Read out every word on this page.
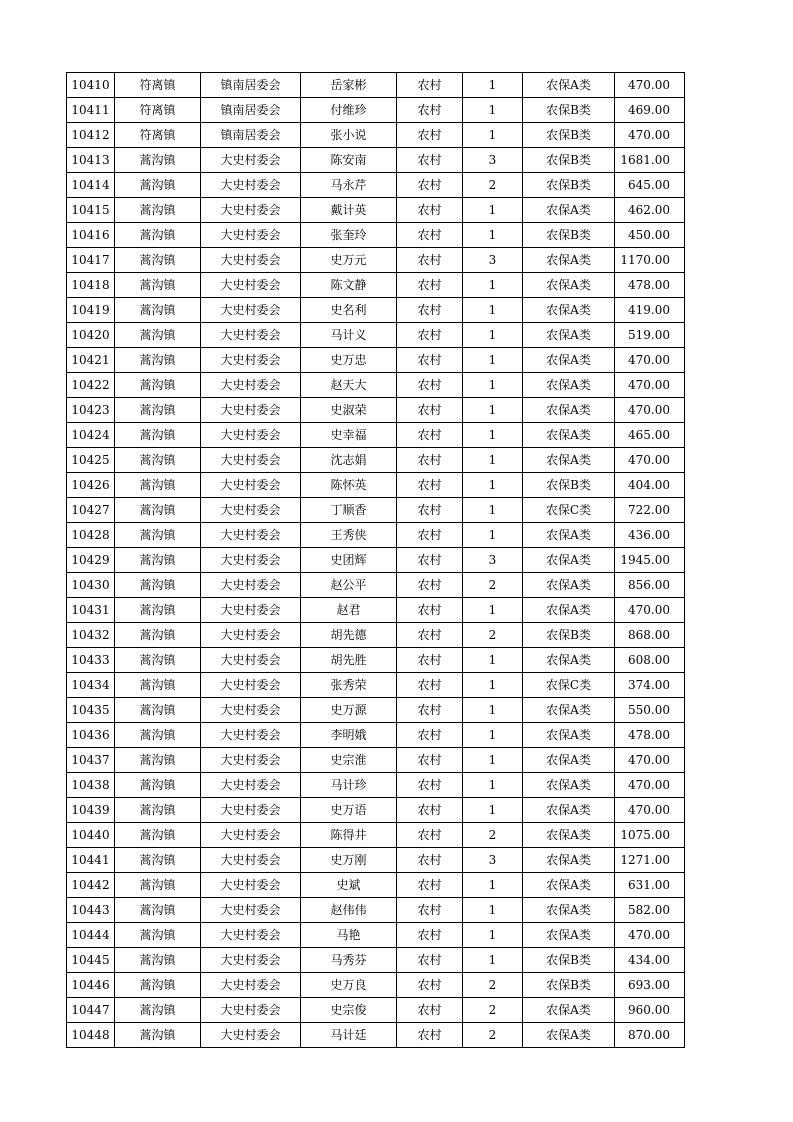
10410	符离镇	镇南居委会	岳家彬	农村	1	农保A类	470.00
10411	符离镇	镇南居委会	付维珍	农村	1	农保B类	469.00
10412	符离镇	镇南居委会	张小说	农村	1	农保B类	470.00
10413	蒿沟镇	大史村委会	陈安南	农村	3	农保B类	1681.00
10414	蒿沟镇	大史村委会	马永芹	农村	2	农保B类	645.00
10415	蒿沟镇	大史村委会	戴计英	农村	1	农保A类	462.00
10416	蒿沟镇	大史村委会	张奎玲	农村	1	农保B类	450.00
10417	蒿沟镇	大史村委会	史万元	农村	3	农保A类	1170.00
10418	蒿沟镇	大史村委会	陈文静	农村	1	农保A类	478.00
10419	蒿沟镇	大史村委会	史名利	农村	1	农保A类	419.00
10420	蒿沟镇	大史村委会	马计义	农村	1	农保A类	519.00
10421	蒿沟镇	大史村委会	史万忠	农村	1	农保A类	470.00
10422	蒿沟镇	大史村委会	赵天大	农村	1	农保A类	470.00
10423	蒿沟镇	大史村委会	史淑荣	农村	1	农保A类	470.00
10424	蒿沟镇	大史村委会	史幸福	农村	1	农保A类	465.00
10425	蒿沟镇	大史村委会	沈志娟	农村	1	农保A类	470.00
10426	蒿沟镇	大史村委会	陈怀英	农村	1	农保B类	404.00
10427	蒿沟镇	大史村委会	丁顺香	农村	1	农保C类	722.00
10428	蒿沟镇	大史村委会	王秀侠	农村	1	农保A类	436.00
10429	蒿沟镇	大史村委会	史团辉	农村	3	农保A类	1945.00
10430	蒿沟镇	大史村委会	赵公平	农村	2	农保A类	856.00
10431	蒿沟镇	大史村委会	赵君	农村	1	农保A类	470.00
10432	蒿沟镇	大史村委会	胡先德	农村	2	农保B类	868.00
10433	蒿沟镇	大史村委会	胡先胜	农村	1	农保A类	608.00
10434	蒿沟镇	大史村委会	张秀荣	农村	1	农保C类	374.00
10435	蒿沟镇	大史村委会	史万源	农村	1	农保A类	550.00
10436	蒿沟镇	大史村委会	李明娥	农村	1	农保A类	478.00
10437	蒿沟镇	大史村委会	史宗淮	农村	1	农保A类	470.00
10438	蒿沟镇	大史村委会	马计珍	农村	1	农保A类	470.00
10439	蒿沟镇	大史村委会	史万语	农村	1	农保A类	470.00
10440	蒿沟镇	大史村委会	陈得井	农村	2	农保A类	1075.00
10441	蒿沟镇	大史村委会	史万刚	农村	3	农保A类	1271.00
10442	蒿沟镇	大史村委会	史斌	农村	1	农保A类	631.00
10443	蒿沟镇	大史村委会	赵伟伟	农村	1	农保A类	582.00
10444	蒿沟镇	大史村委会	马艳	农村	1	农保A类	470.00
10445	蒿沟镇	大史村委会	马秀芬	农村	1	农保B类	434.00
10446	蒿沟镇	大史村委会	史万良	农村	2	农保B类	693.00
10447	蒿沟镇	大史村委会	史宗俊	农村	2	农保A类	960.00
10448	蒿沟镇	大史村委会	马计廷	农村	2	农保A类	870.00
